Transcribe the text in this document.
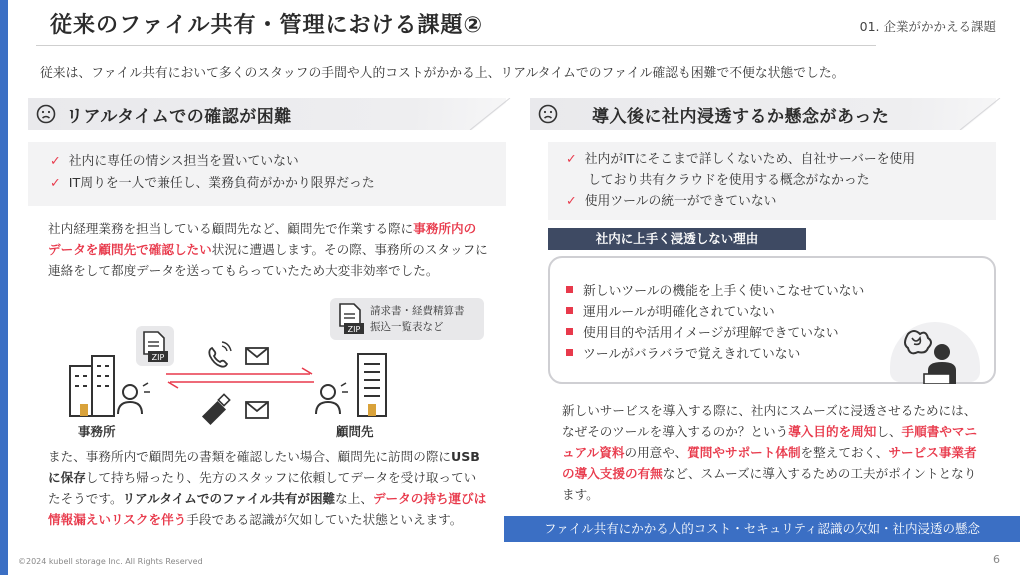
従来のファイル共有・管理における課題②	01. 企業がかかえる課題
従来は、ファイル共有において多くのスタッフの手間や人的コストがかかる上、リアルタイムでのファイル確認も困難で不便な状態でした。
リアルタイムでの確認が困難
✓ 社内に専任の情シス担当を置いていない
✓ IT周りを一人で兼任し、業務負荷がかかり限界だった
社内経理業務を担当している顧問先など、顧問先で作業する際に事務所内のデータを顧問先で確認したい状況に遭遇します。その際、事務所のスタッフに連絡をして都度データを送ってもらっていたため大変非効率でした。
ZIP
請求書・経費精算書
振込一覧表など
ZIP
事務所	顧問先
また、事務所内で顧問先の書類を確認したい場合、顧問先に訪問の際にUSBに保存して持ち帰ったり、先方のスタッフに依頼してデータを受け取っていたそうです。リアルタイムでのファイル共有が困難な上、データの持ち運びは情報漏えいリスクを伴う手段である認識が欠如していた状態といえます。
導入後に社内浸透するか懸念があった
✓ 社内がITにそこまで詳しくないため、自社サーバーを使用
しており共有クラウドを使用する概念がなかった
✓ 使用ツールの統一ができていない
社内に上手く浸透しない理由
新しいツールの機能を上手く使いこなせていない
運用ルールが明確化されていない
使用目的や活用イメージが理解できていない
ツールがバラバラで覚えきれていない
新しいサービスを導入する際に、社内にスムーズに浸透させるためには、なぜそのツールを導入するのか？という導入目的を周知し、手順書やマニュアル資料の用意や、質問やサポート体制を整えておく、サービス事業者の導入支援の有無など、スムーズに導入するための工夫がポイントとなります。
ファイル共有にかかる人的コスト・セキュリティ認識の欠如・社内浸透の懸念
©2024 kubell storage Inc. All Rights Reserved	6
